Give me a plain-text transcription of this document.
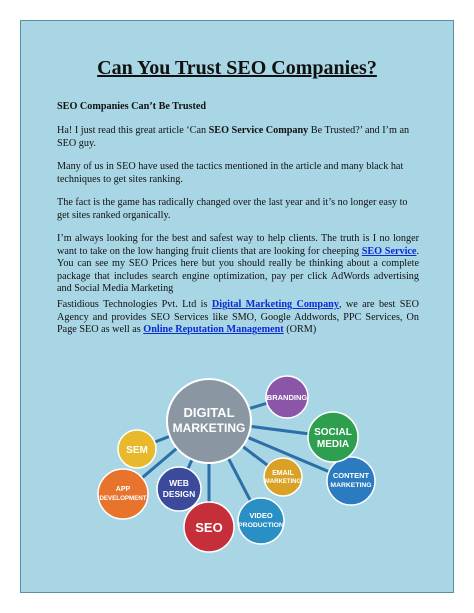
Can You Trust SEO Companies?
SEO Companies Can’t Be Trusted
Ha! I just read this great article ‘Can SEO Service Company Be Trusted?’ and I’m an SEO guy.
Many of us in SEO have used the tactics mentioned in the article and many black hat techniques to get sites ranking.
The fact is the game has radically changed over the last year and it’s no longer easy to get sites ranked organically.
I’m always looking for the best and safest way to help clients. The truth is I no longer want to take on the low hanging fruit clients that are looking for cheeping SEO Service. You can see my SEO Prices here but you should really be thinking about a complete package that includes search engine optimization, pay per click AdWords advertising and Social Media Marketing
Fastidious Technologies Pvt. Ltd is Digital Marketing Company, we are best SEO Agency and provides SEO Services like SMO, Google Addwords, PPC Services, On Page SEO as well as Online Reputation Management (ORM)
APP
DEVELOPMENT
SEM
WEB
DESIGN
SEO
VIDEO
PRODUCTION
EMAIL
MARKETING
CONTENT
MARKETING
SOCIAL
MEDIA
BRANDING
DIGITAL
MARKETING
